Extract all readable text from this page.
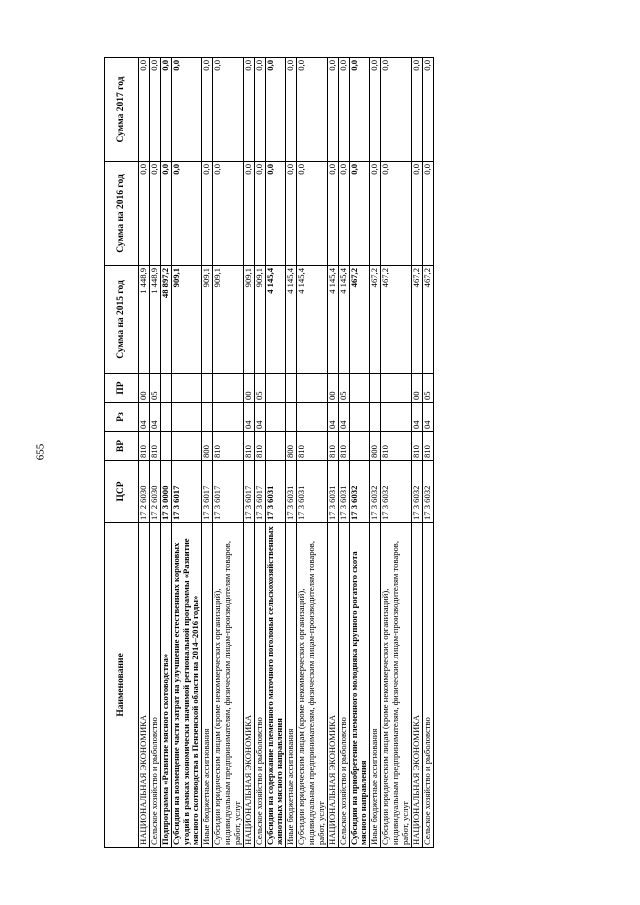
655
Наименование	ЦСР	ВР	Рз	ПР	Сумма на 2015 год	Сумма на 2016 год	Сумма 2017 год
НАЦИОНАЛЬНАЯ ЭКОНОМИКА	17 2 6030	810	04	00	1 448,9	0,0	0,0
Сельское хозяйство и рыболовство	17 2 6030	810	04	05	1 448,9	0,0	0,0
Подпрограмма «Развитие мясного скотоводства»	17 3 0000				48 897,2	0,0	0,0
Субсидии на возмещение части затрат на улучшение естественных кормовых угодий в рамках экономически значимой региональной программы «Развитие мясного скотоводства в Пензенской области на 2014–2016 годы»	17 3 6017				909,1	0,0	0,0
Иные бюджетные ассигнования	17 3 6017	800			909,1	0,0	0,0
Субсидии юридическим лицам (кроме некоммерческих организаций), индивидуальным предпринимателям, физическим лицам-производителям товаров, работ, услуг	17 3 6017	810			909,1	0,0	0,0
НАЦИОНАЛЬНАЯ ЭКОНОМИКА	17 3 6017	810	04	00	909,1	0,0	0,0
Сельское хозяйство и рыболовство	17 3 6017	810	04	05	909,1	0,0	0,0
Субсидии на содержание племенного маточного поголовья сельскохозяйственных животных мясного направления	17 3 6031				4 145,4	0,0	0,0
Иные бюджетные ассигнования	17 3 6031	800			4 145,4	0,0	0,0
Субсидии юридическим лицам (кроме некоммерческих организаций), индивидуальным предпринимателям, физическим лицам-производителям товаров, работ, услуг	17 3 6031	810			4 145,4	0,0	0,0
НАЦИОНАЛЬНАЯ ЭКОНОМИКА	17 3 6031	810	04	00	4 145,4	0,0	0,0
Сельское хозяйство и рыболовство	17 3 6031	810	04	05	4 145,4	0,0	0,0
Субсидии на приобретение племенного молодняка крупного рогатого скота мясного направления	17 3 6032				467,2	0,0	0,0
Иные бюджетные ассигнования	17 3 6032	800			467,2	0,0	0,0
Субсидии юридическим лицам (кроме некоммерческих организаций), индивидуальным предпринимателям, физическим лицам-производителям товаров, работ, услуг	17 3 6032	810			467,2	0,0	0,0
НАЦИОНАЛЬНАЯ ЭКОНОМИКА	17 3 6032	810	04	00	467,2	0,0	0,0
Сельское хозяйство и рыболовство	17 3 6032	810	04	05	467,2	0,0	0,0
